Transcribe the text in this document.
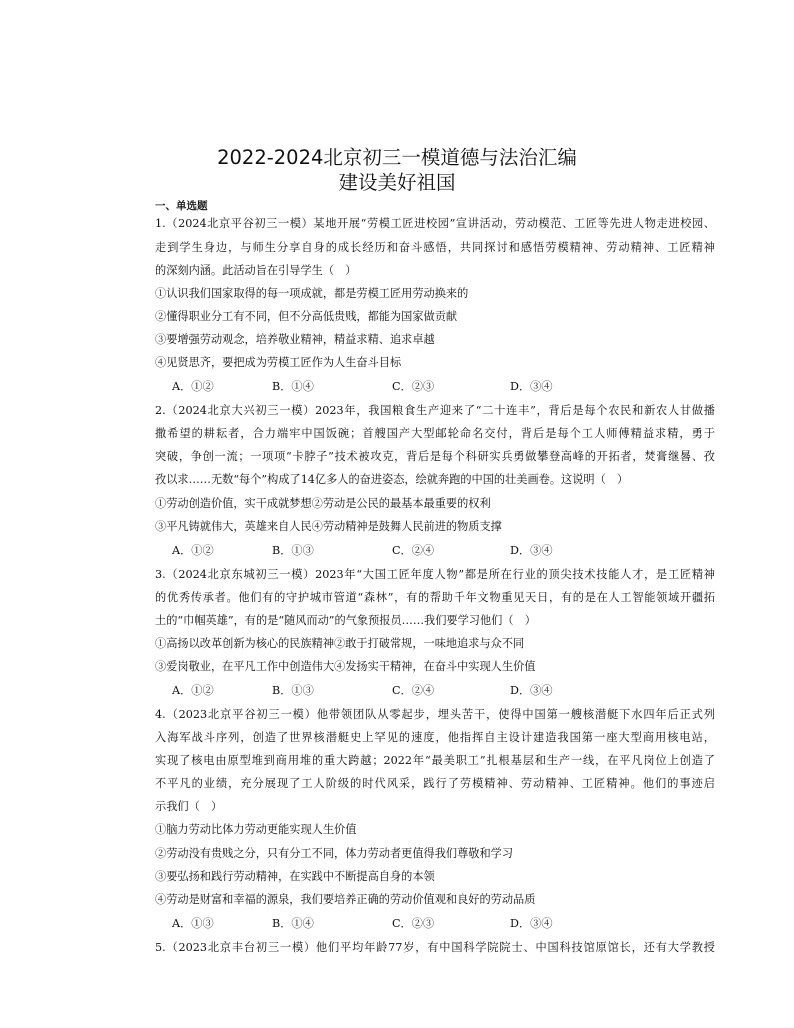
2022-2024北京初三一模道德与法治汇编
建设美好祖国
一、单选题
1.（2024北京平谷初三一模）某地开展“劳模工匠进校园”宣讲活动，劳动模范、工匠等先进人物走进校园、
走到学生身边，与师生分享自身的成长经历和奋斗感悟，共同探讨和感悟劳模精神、劳动精神、工匠精神
的深刻内涵。此活动旨在引导学生（　）
①认识我们国家取得的每一项成就，都是劳模工匠用劳动换来的
②懂得职业分工有不同，但不分高低贵贱，都能为国家做贡献
③要增强劳动观念，培养敬业精神，精益求精、追求卓越
④见贤思齐，要把成为劳模工匠作为人生奋斗目标
A．①②	B．①④	C．②③	D．③④
2.（2024北京大兴初三一模）2023年，我国粮食生产迎来了“二十连丰”，背后是每个农民和新农人甘做播
撒希望的耕耘者，合力端牢中国饭碗；首艘国产大型邮轮命名交付，背后是每个工人师傅精益求精，勇于
突破，争创一流；一项项“卡脖子”技术被攻克，背后是每个科研实兵勇做攀登高峰的开拓者，焚膏继晷、孜
孜以求……无数“每个”构成了14亿多人的奋进姿态，绘就奔跑的中国的壮美画卷。这说明（　）
①劳动创造价值，实干成就梦想②劳动是公民的最基本最重要的权利
③平凡铸就伟大，英雄来自人民④劳动精神是鼓舞人民前进的物质支撑
A．①②	B．①③	C．②④	D．③④
3.（2024北京东城初三一模）2023年“大国工匠年度人物”都是所在行业的顶尖技术技能人才，是工匠精神
的优秀传承者。他们有的守护城市管道“森林”，有的帮助千年文物重见天日，有的是在人工智能领域开疆拓
土的“巾帼英雄”，有的是“随风而动”的气象预报员……我们要学习他们（　）
①高扬以改革创新为核心的民族精神②敢于打破常规，一味地追求与众不同
③爱岗敬业，在平凡工作中创造伟大④发扬实干精神，在奋斗中实现人生价值
A．①②	B．①③	C．②④	D．③④
4.（2023北京平谷初三一模）他带领团队从零起步，埋头苦干，使得中国第一艘核潜艇下水四年后正式列
入海军战斗序列，创造了世界核潜艇史上罕见的速度，他指挥自主设计建造我国第一座大型商用核电站，
实现了核电由原型堆到商用堆的重大跨越；2022年“最美职工”扎根基层和生产一线，在平凡岗位上创造了
不平凡的业绩，充分展现了工人阶级的时代风采，践行了劳模精神、劳动精神、工匠精神。他们的事迹启
示我们（　）
①脑力劳动比体力劳动更能实现人生价值
②劳动没有贵贱之分，只有分工不同，体力劳动者更值得我们尊敬和学习
③要弘扬和践行劳动精神，在实践中不断提高自身的本领
④劳动是财富和幸福的源泉，我们要培养正确的劳动价值观和良好的劳动品质
A．①③	B．①④	C．②③	D．③④
5.（2023北京丰台初三一模）他们平均年龄77岁，有中国科学院院士、中国科技馆原馆长，还有大学教授
